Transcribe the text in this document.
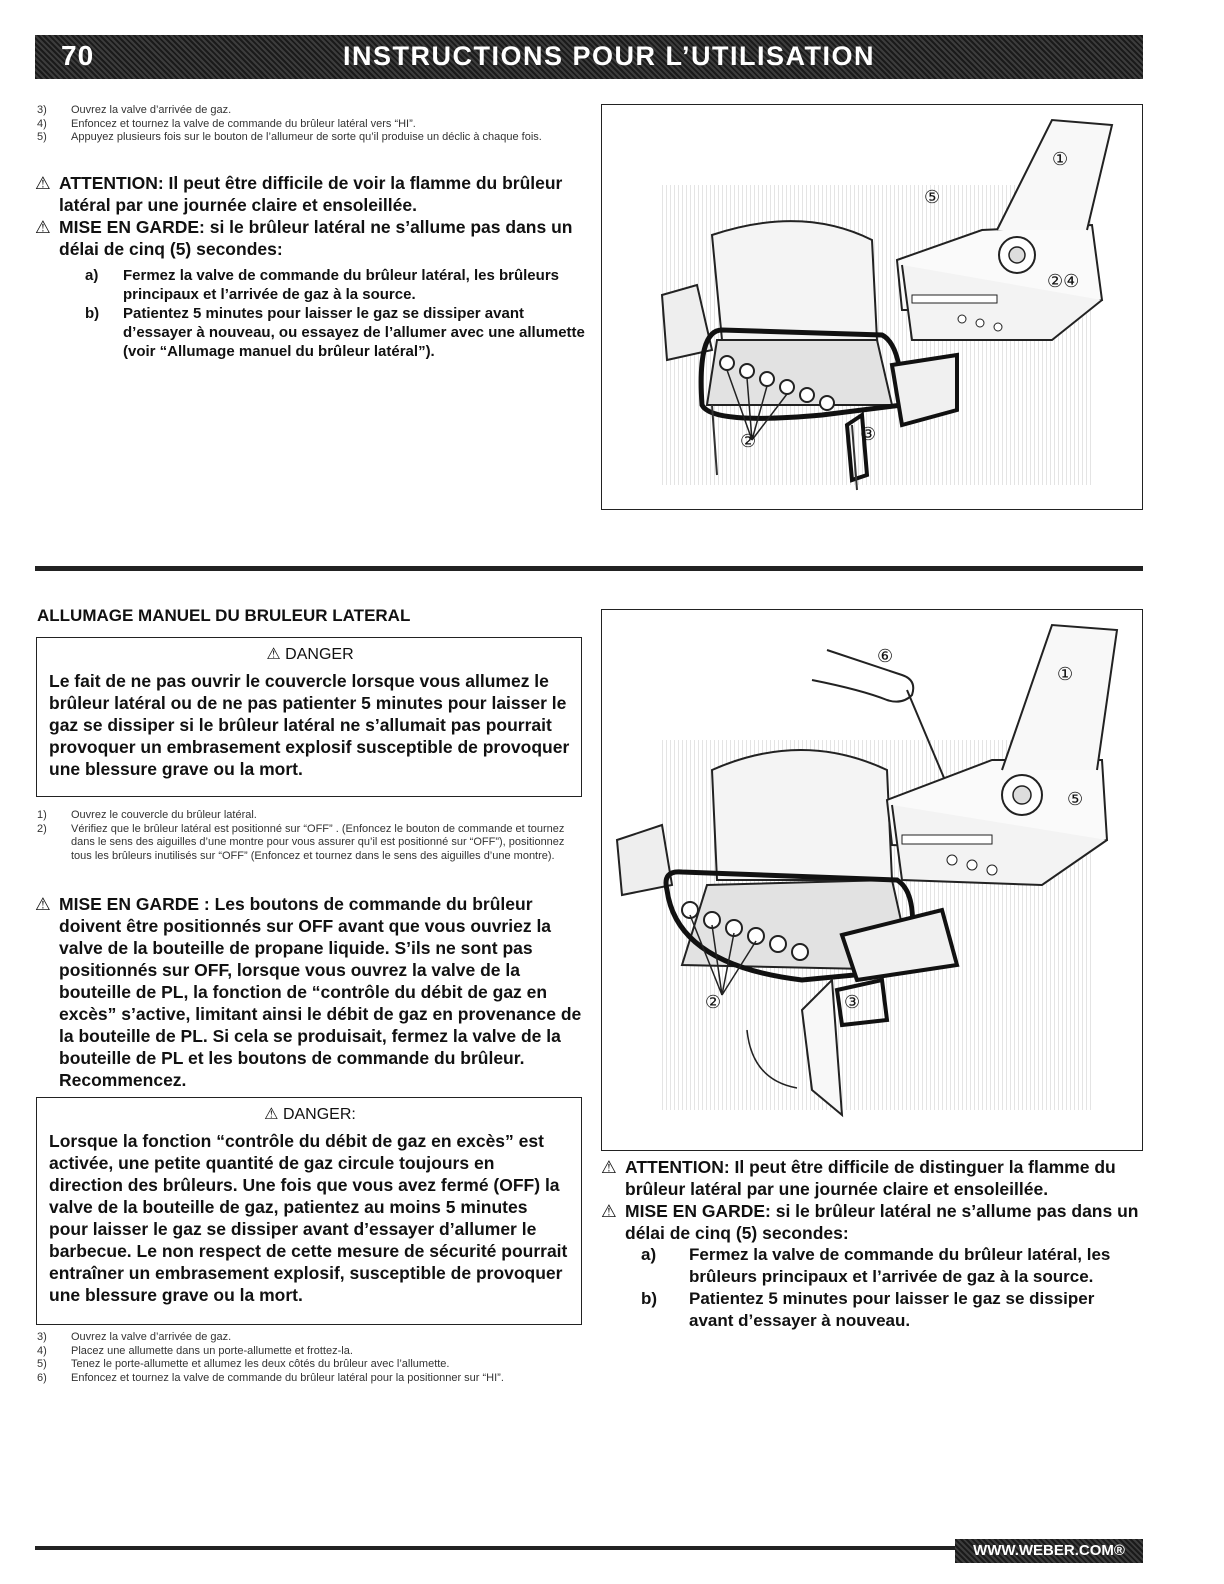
70	INSTRUCTIONS POUR L’UTILISATION
3)	Ouvrez la valve d’arrivée de gaz.
4)	Enfoncez et tournez la valve de commande du brûleur latéral vers “HI”.
5)	Appuyez plusieurs fois sur le bouton de l’allumeur de sorte qu’il produise un déclic à chaque fois.
⚠ ATTENTION: Il peut être difficile de voir la flamme du brûleur latéral par une journée claire et ensoleillée.
⚠ MISE EN GARDE: si le brûleur latéral ne s’allume pas dans un délai de cinq (5) secondes:
a)	Fermez la valve de commande du brûleur latéral, les brûleurs principaux et l’arrivée de gaz à la source.
b)	Patientez 5 minutes pour laisser le gaz se dissiper avant d’essayer à nouveau, ou essayez de l’allumer avec une allumette (voir “Allumage manuel du brûleur latéral”).
①
⑤
②④
②	③
ALLUMAGE MANUEL DU BRULEUR LATERAL
⚠ DANGER
Le fait de ne pas ouvrir le couvercle lorsque vous allumez le brûleur latéral ou de ne pas patienter 5 minutes pour laisser le gaz se dissiper si le brûleur latéral ne s’allumait pas pourrait provoquer un embrasement explosif susceptible de provoquer une blessure grave ou la mort.
1)	Ouvrez le couvercle du brûleur latéral.
2)	Vérifiez que le brûleur latéral est positionné sur “OFF” . (Enfoncez le bouton de commande et tournez dans le sens des aiguilles d’une montre pour vous assurer qu’il est positionné sur “OFF”), positionnez tous les brûleurs inutilisés sur “OFF” (Enfoncez et tournez dans le sens des aiguilles d’une montre).
⚠ MISE EN GARDE : Les boutons de commande du brûleur doivent être positionnés sur OFF avant que vous ouvriez la valve de la bouteille de propane liquide. S’ils ne sont pas positionnés sur OFF, lorsque vous ouvrez la valve de la bouteille de PL, la fonction de “contrôle du débit de gaz en excès” s’active, limitant ainsi le débit de gaz en provenance de la bouteille de PL. Si cela se produisait, fermez la valve de la bouteille de PL et les boutons de commande du brûleur. Recommencez.
⚠ DANGER:
Lorsque la fonction “contrôle du débit de gaz en excès” est activée, une petite quantité de gaz circule toujours en direction des brûleurs. Une fois que vous avez fermé (OFF) la valve de la bouteille de gaz, patientez au moins 5 minutes pour laisser le gaz se dissiper avant d’essayer d’allumer le barbecue. Le non respect de cette mesure de sécurité pourrait entraîner un embrasement explosif, susceptible de provoquer une blessure grave ou la mort.
3)	Ouvrez la valve d’arrivée de gaz.
4)	Placez une allumette dans un porte-allumette et frottez-la.
5)	Tenez le porte-allumette et allumez les deux côtés du brûleur avec l’allumette.
6)	Enfoncez et tournez la valve de commande du brûleur latéral pour la positionner sur “HI”.
⑥
①
⑤
②	③
⚠ ATTENTION: Il peut être difficile de distinguer la flamme du brûleur latéral par une journée claire et ensoleillée.
⚠ MISE EN GARDE: si le brûleur latéral ne s’allume pas dans un délai de cinq (5) secondes:
a)	Fermez la valve de commande du brûleur latéral, les brûleurs principaux et l’arrivée de gaz à la source.
b)	Patientez 5 minutes pour laisser le gaz se dissiper avant d’essayer à nouveau.
WWW.WEBER.COM®
